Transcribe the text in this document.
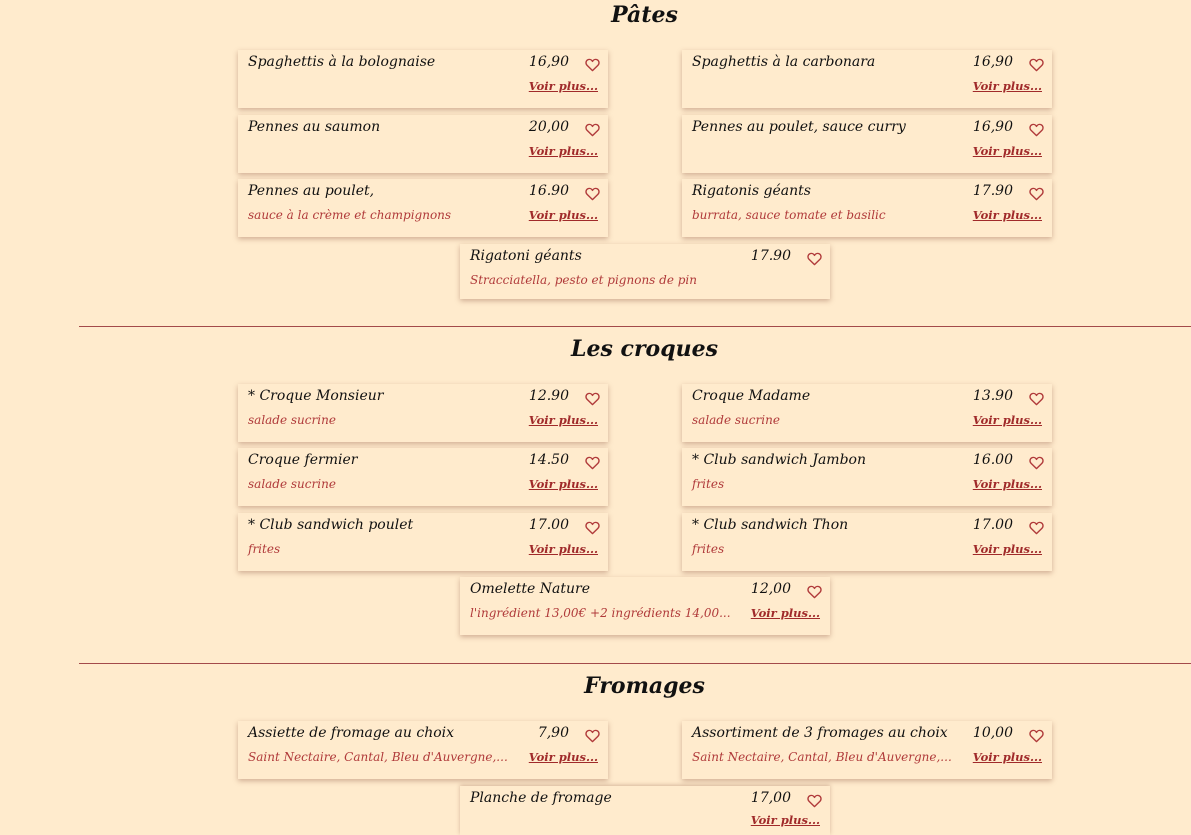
Pâtes
Spaghettis à la bolognaise	16,90
Voir plus...
Spaghettis à la carbonara	16,90
Voir plus...
Pennes au saumon	20,00
Voir plus...
Pennes au poulet, sauce curry	16,90
Voir plus...
Pennes au poulet,	16.90
sauce à la crème et champignons	Voir plus...
Rigatonis géants	17.90
burrata, sauce tomate et basilic	Voir plus...
Rigatoni géants	17.90
Stracciatella, pesto et pignons de pin
Les croques
* Croque Monsieur	12.90
salade sucrine	Voir plus...
Croque Madame	13.90
salade sucrine	Voir plus...
Croque fermier	14.50
salade sucrine	Voir plus...
* Club sandwich Jambon	16.00
frites	Voir plus...
* Club sandwich poulet	17.00
frites	Voir plus...
* Club sandwich Thon	17.00
frites	Voir plus...
Omelette Nature	12,00
l'ingrédient 13,00€ +2 ingrédients 14,00... Voir plus...
Fromages
Assiette de fromage au choix	7,90
Saint Nectaire, Cantal, Bleu d'Auvergne,... Voir plus...
Assortiment de 3 fromages au choix 10,00
Saint Nectaire, Cantal, Bleu d'Auvergne,... Voir plus...
Planche de fromage	17,00
Voir plus...
